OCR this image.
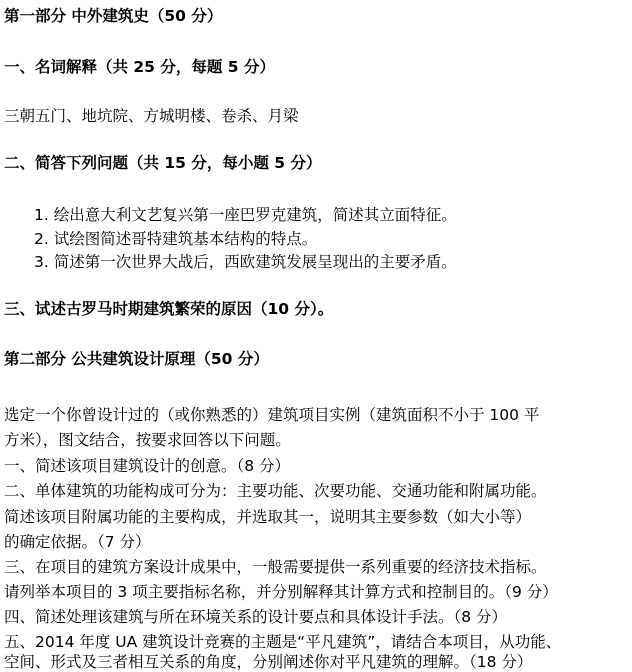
第一部分 中外建筑史（50 分）
一、名词解释（共 25 分，每题 5 分）
三朝五门、地坑院、方城明楼、卷杀、月梁
二、简答下列问题（共 15 分，每小题 5 分）
1. 绘出意大利文艺复兴第一座巴罗克建筑，简述其立面特征。
2. 试绘图简述哥特建筑基本结构的特点。
3. 简述第一次世界大战后，西欧建筑发展呈现出的主要矛盾。
三、试述古罗马时期建筑繁荣的原因（10 分）。
第二部分 公共建筑设计原理（50 分）
选定一个你曾设计过的（或你熟悉的）建筑项目实例（建筑面积不小于 100 平
方米），图文结合，按要求回答以下问题。
一、简述该项目建筑设计的创意。（8 分）
二、单体建筑的功能构成可分为：主要功能、次要功能、交通功能和附属功能。
简述该项目附属功能的主要构成，并选取其一，说明其主要参数（如大小等）
的确定依据。（7 分）
三、在项目的建筑方案设计成果中，一般需要提供一系列重要的经济技术指标。
请列举本项目的 3 项主要指标名称，并分别解释其计算方式和控制目的。（9 分）
四、简述处理该建筑与所在环境关系的设计要点和具体设计手法。（8 分）
五、2014 年度 UA 建筑设计竞赛的主题是“平凡建筑”，请结合本项目，从功能、
空间、形式及三者相互关系的角度，分别阐述你对平凡建筑的理解。（18 分）
